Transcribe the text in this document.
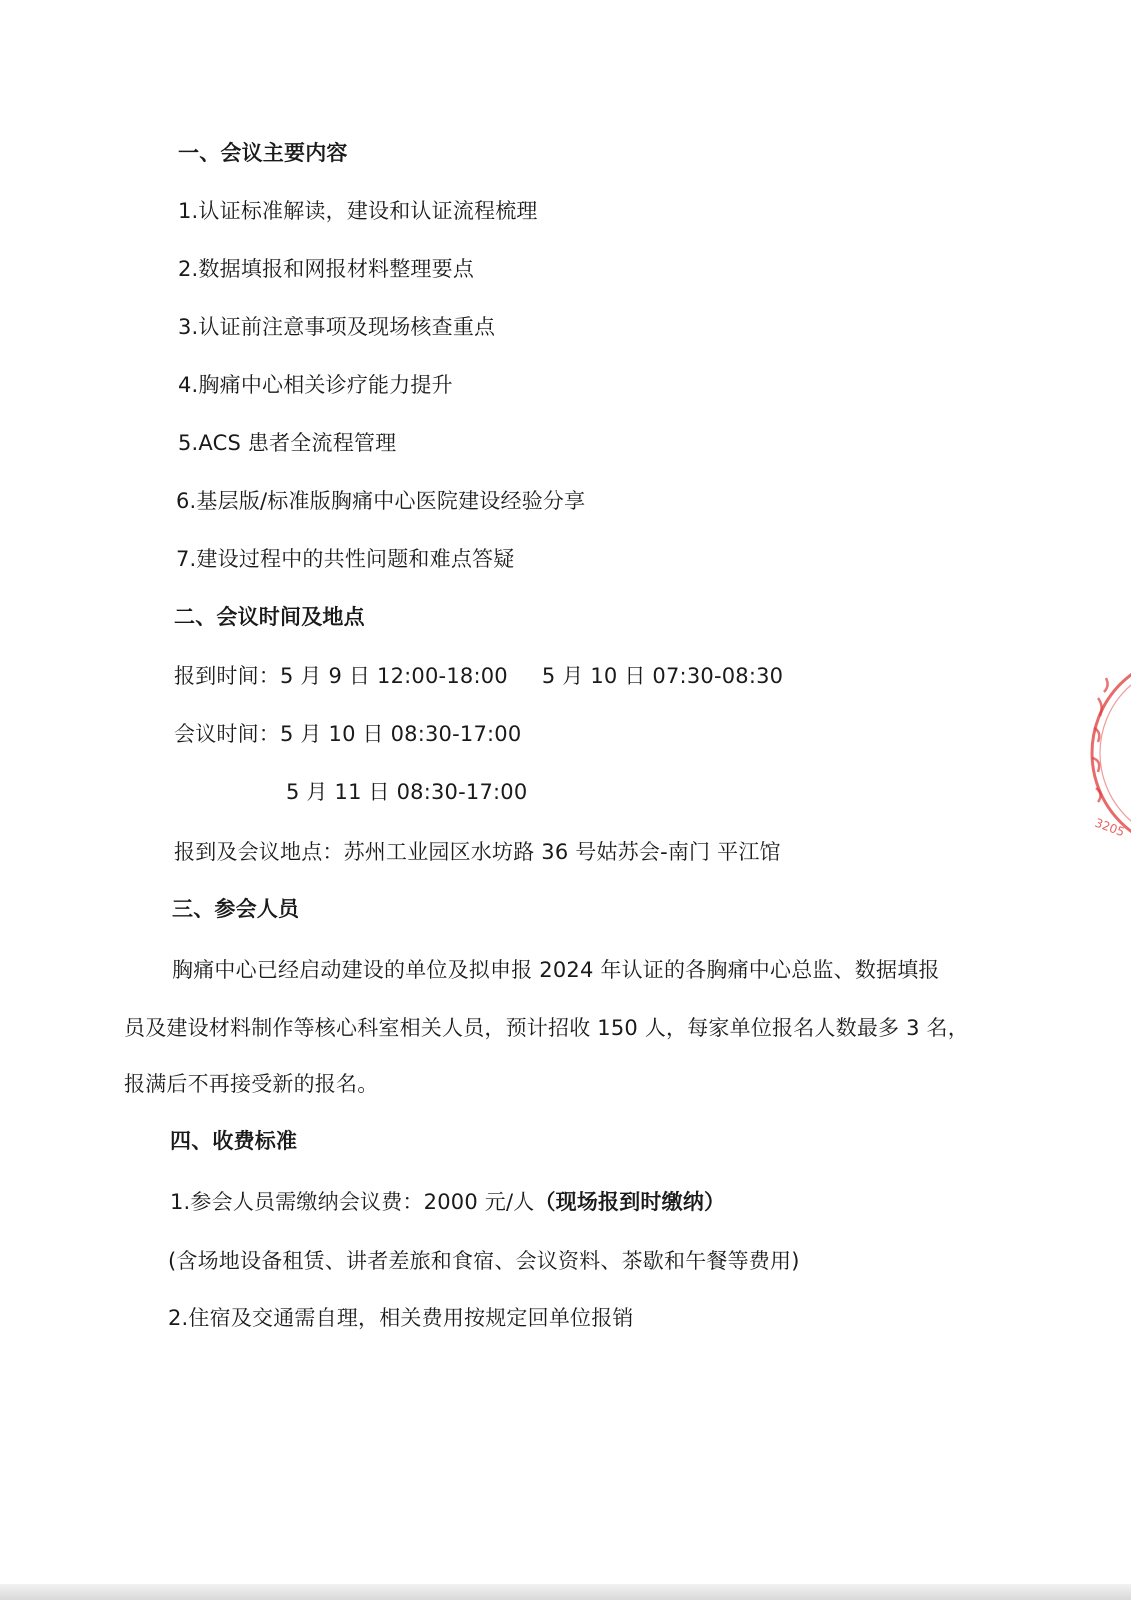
一、会议主要内容
1.认证标准解读，建设和认证流程梳理
2.数据填报和网报材料整理要点
3.认证前注意事项及现场核查重点
4.胸痛中心相关诊疗能力提升
5.ACS 患者全流程管理
6.基层版/标准版胸痛中心医院建设经验分享
7.建设过程中的共性问题和难点答疑
二、会议时间及地点
报到时间：5 月 9 日 12:00-18:00 5 月 10 日 07:30-08:30
会议时间：5 月 10 日 08:30-17:00
5 月 11 日 08:30-17:00
报到及会议地点：苏州工业园区水坊路 36 号姑苏会-南门 平江馆
三、参会人员
胸痛中心已经启动建设的单位及拟申报 2024 年认证的各胸痛中心总监、数据填报
员及建设材料制作等核心科室相关人员，预计招收 150 人，每家单位报名人数最多 3 名，
报满后不再接受新的报名。
四、收费标准
1.参会人员需缴纳会议费：2000 元/人（现场报到时缴纳）
(含场地设备租赁、讲者差旅和食宿、会议资料、茶歇和午餐等费用)
2.住宿及交通需自理，相关费用按规定回单位报销
3205
